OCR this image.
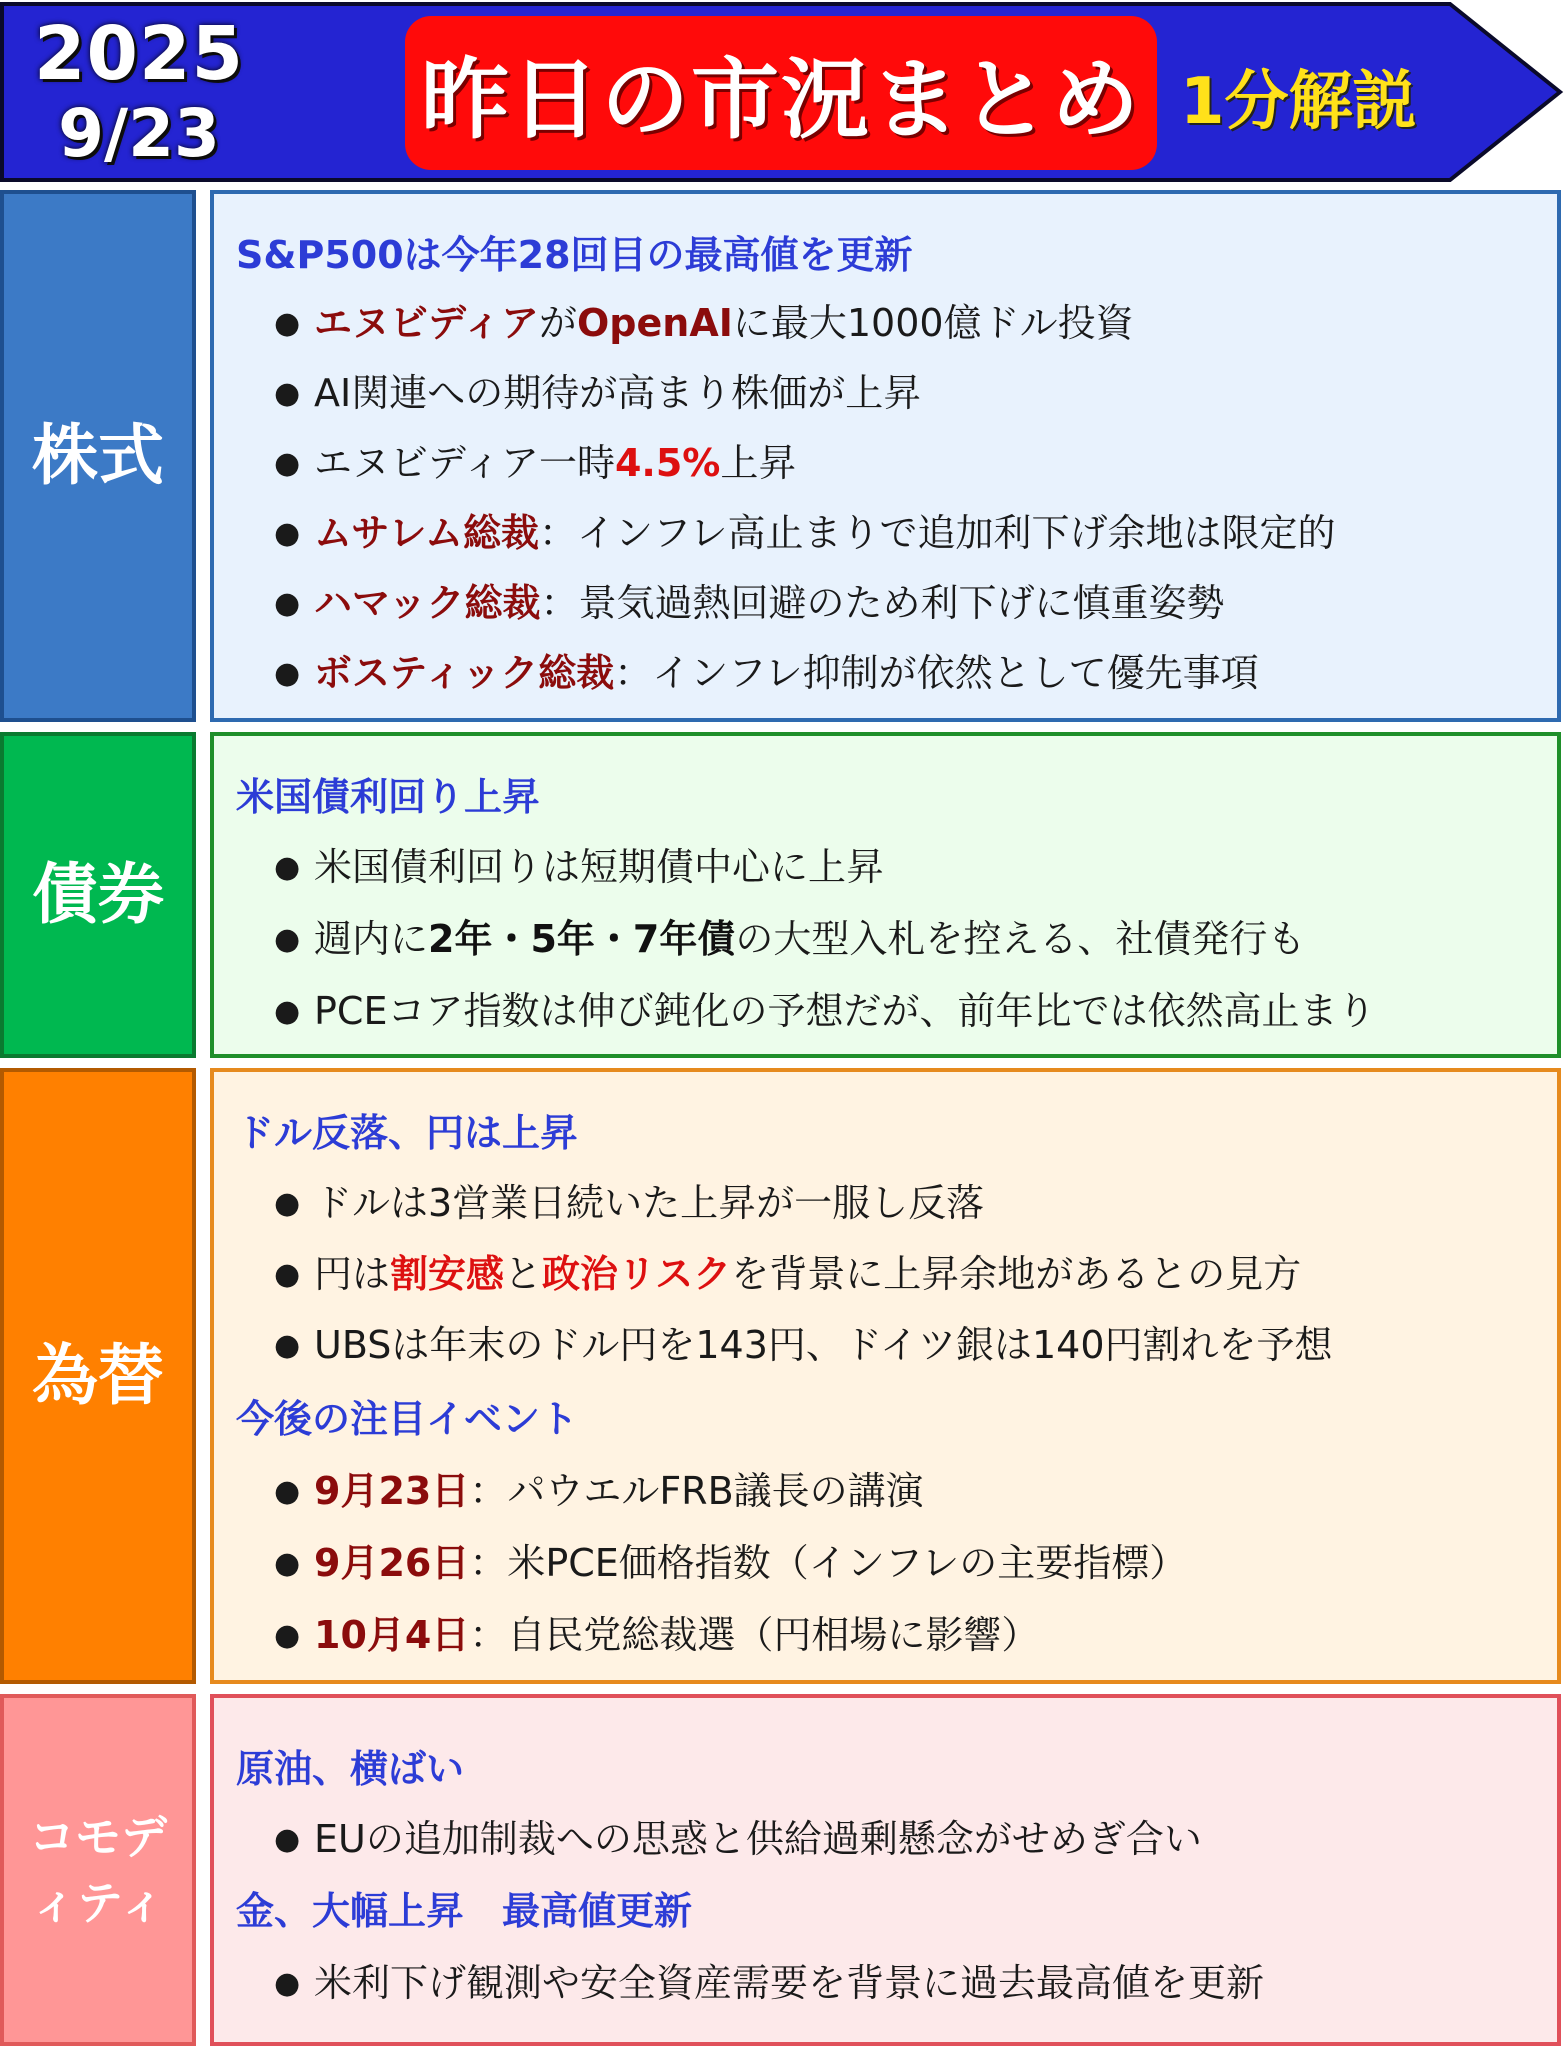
2025
9/23	昨日の市況まとめ 1分解説
株式
S&P500は今年28回目の最高値を更新
● エヌビディアがOpenAIに最大1000億ドル投資
● AI関連への期待が高まり株価が上昇
● エヌビディア一時4.5%上昇
● ムサレム総裁：インフレ高止まりで追加利下げ余地は限定的
● ハマック総裁：景気過熱回避のため利下げに慎重姿勢
● ボスティック総裁：インフレ抑制が依然として優先事項
債券
米国債利回り上昇
● 米国債利回りは短期債中心に上昇
● 週内に2年・5年・7年債の大型入札を控える、社債発行も
● PCEコア指数は伸び鈍化の予想だが、前年比では依然高止まり
為替
ドル反落、円は上昇
● ドルは3営業日続いた上昇が一服し反落
● 円は割安感と政治リスクを背景に上昇余地があるとの見方
● UBSは年末のドル円を143円、ドイツ銀は140円割れを予想
今後の注目イベント
● 9月23日：パウエルFRB議長の講演
● 9月26日：米PCE価格指数（インフレの主要指標）
● 10月4日：自民党総裁選（円相場に影響）
コモデ
ィティ
原油、横ばい
● EUの追加制裁への思惑と供給過剰懸念がせめぎ合い
金、大幅上昇　最高値更新
● 米利下げ観測や安全資産需要を背景に過去最高値を更新
